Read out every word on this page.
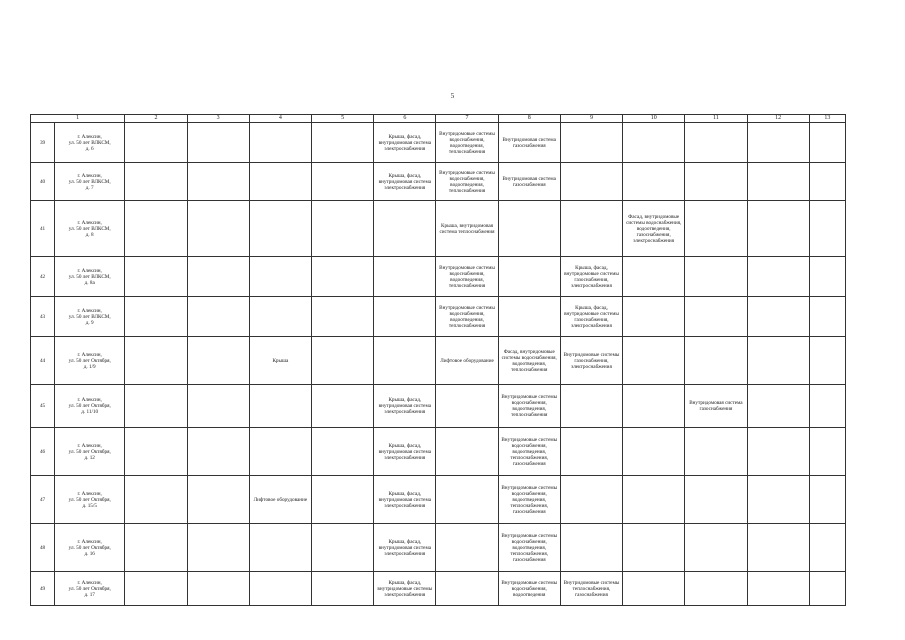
5
1		2	3	4	5	6	7	8	9	10	11	12	13
39	г. Алексин,
ул. 50 лет ВЛКСМ,
д. 6					Крыша, фасад, внутридомовая система электроснабжения	Внутридомовые системы водоснабжения, водоотведения, теплоснабжения	Внутридомовая система газоснабжения					
40	г. Алексин,
ул. 50 лет ВЛКСМ,
д. 7					Крыша, фасад, внутридомовая система электроснабжения	Внутридомовые системы водоснабжения, водоотведения, теплоснабжения	Внутридомовая система газоснабжения					
41	г. Алексин,
ул. 50 лет ВЛКСМ,
д. 8						Крыша, внутридомовая система теплоснабжения			Фасад, внутридомовые системы водоснабжения, водоотведения, газоснабжения, электроснабжения			
42	г. Алексин,
ул. 50 лет ВЛКСМ,
д. 8а						Внутридомовые системы водоснабжения, водоотведения, теплоснабжения		Крыша, фасад, внутридомовые системы газоснабжения, электроснабжения				
43	г. Алексин,
ул. 50 лет ВЛКСМ,
д. 9						Внутридомовые системы водоснабжения, водоотведения, теплоснабжения		Крыша, фасад, внутридомовые системы газоснабжения, электроснабжения				
44	г. Алексин,
ул. 50 лет Октября,
д. 1/9			Крыша			Лифтовое оборудование	Фасад, внутридомовые системы водоснабжения, водоотведения, теплоснабжения	Внутридомовые системы газоснабжения, электроснабжения				
45	г. Алексин,
ул. 50 лет Октября,
д. 11/10					Крыша, фасад, внутридомовая система электроснабжения		Внутридомовые системы водоснабжения, водоотведения, теплоснабжения			Внутридомовая система газоснабжения		
46	г. Алексин,
ул. 50 лет Октября,
д. 12					Крыша, фасад, внутридомовая система электроснабжения		Внутридомовые системы водоснабжения, водоотведения, теплоснабжения, газоснабжения					
47	г. Алексин,
ул. 50 лет Октября,
д. 15/5			Лифтовое оборудование		Крыша, фасад, внутридомовая система электроснабжения		Внутридомовые системы водоснабжения, водоотведения, теплоснабжения, газоснабжения					
48	г. Алексин,
ул. 50 лет Октября,
д. 16					Крыша, фасад, внутридомовая система электроснабжения		Внутридомовые системы водоснабжения, водоотведения, теплоснабжения, газоснабжения					
49	г. Алексин,
ул. 50 лет Октября,
д. 17					Крыша, фасад, внутридомовые системы электроснабжения		Внутридомовые системы водоснабжения, водоотведения	Внутридомовые системы теплоснабжения, газоснабжения				
